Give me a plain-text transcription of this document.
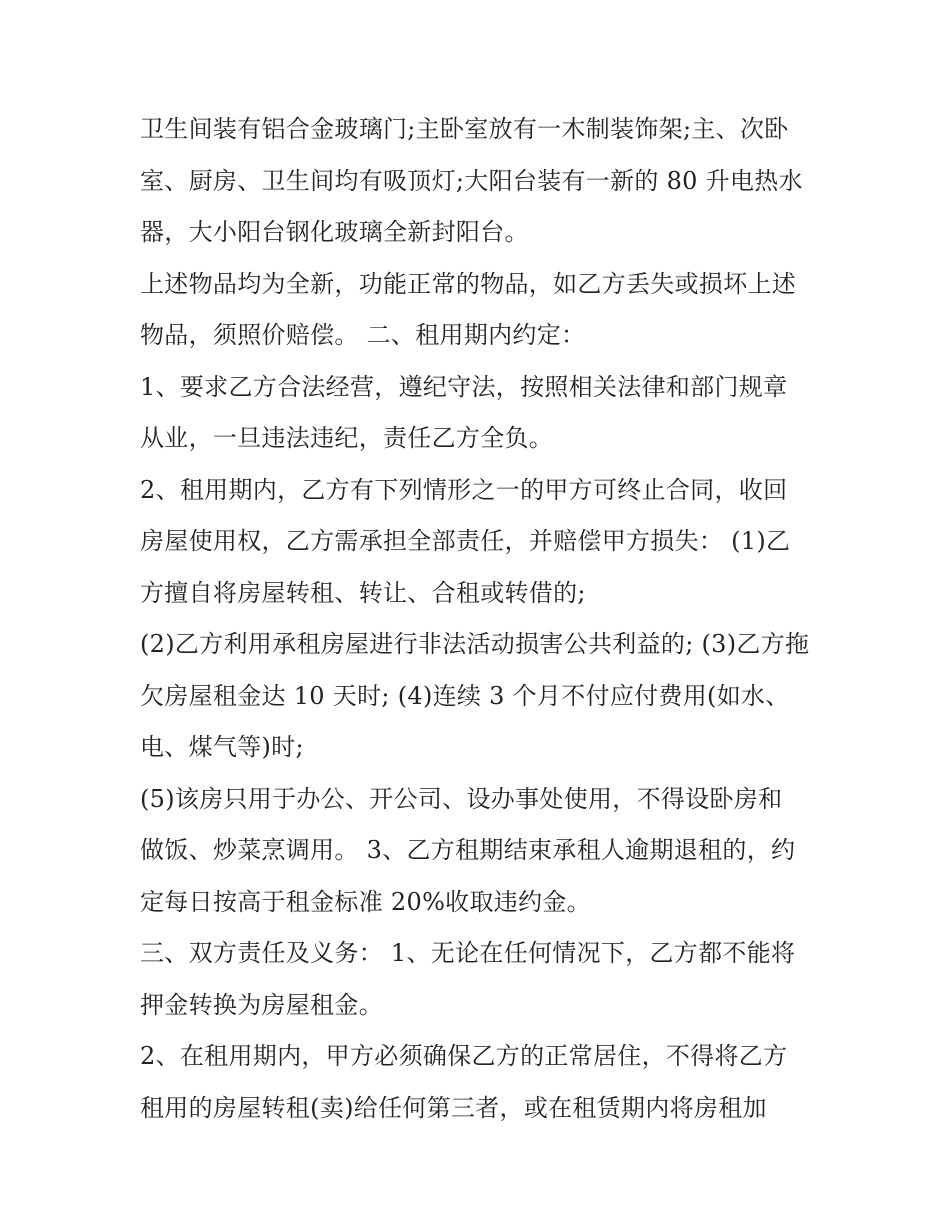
卫生间装有铝合金玻璃门;主卧室放有一木制装饰架;主、次卧
室、厨房、卫生间均有吸顶灯;大阳台装有一新的 80 升电热水
器，大小阳台钢化玻璃全新封阳台。
上述物品均为全新，功能正常的物品，如乙方丢失或损坏上述
物品，须照价赔偿。 二、租用期内约定：
1、要求乙方合法经营，遵纪守法，按照相关法律和部门规章
从业，一旦违法违纪，责任乙方全负。
2、租用期内，乙方有下列情形之一的甲方可终止合同，收回
房屋使用权，乙方需承担全部责任，并赔偿甲方损失： (1)乙
方擅自将房屋转租、转让、合租或转借的;
(2)乙方利用承租房屋进行非法活动损害公共利益的; (3)乙方拖
欠房屋租金达 10 天时; (4)连续 3 个月不付应付费用(如水、
电、煤气等)时;
(5)该房只用于办公、开公司、设办事处使用，不得设卧房和
做饭、炒菜烹调用。 3、乙方租期结束承租人逾期退租的，约
定每日按高于租金标准 20%收取违约金。
三、双方责任及义务： 1、无论在任何情况下，乙方都不能将
押金转换为房屋租金。
2、在租用期内，甲方必须确保乙方的正常居住，不得将乙方
租用的房屋转租(卖)给任何第三者，或在租赁期内将房租加
